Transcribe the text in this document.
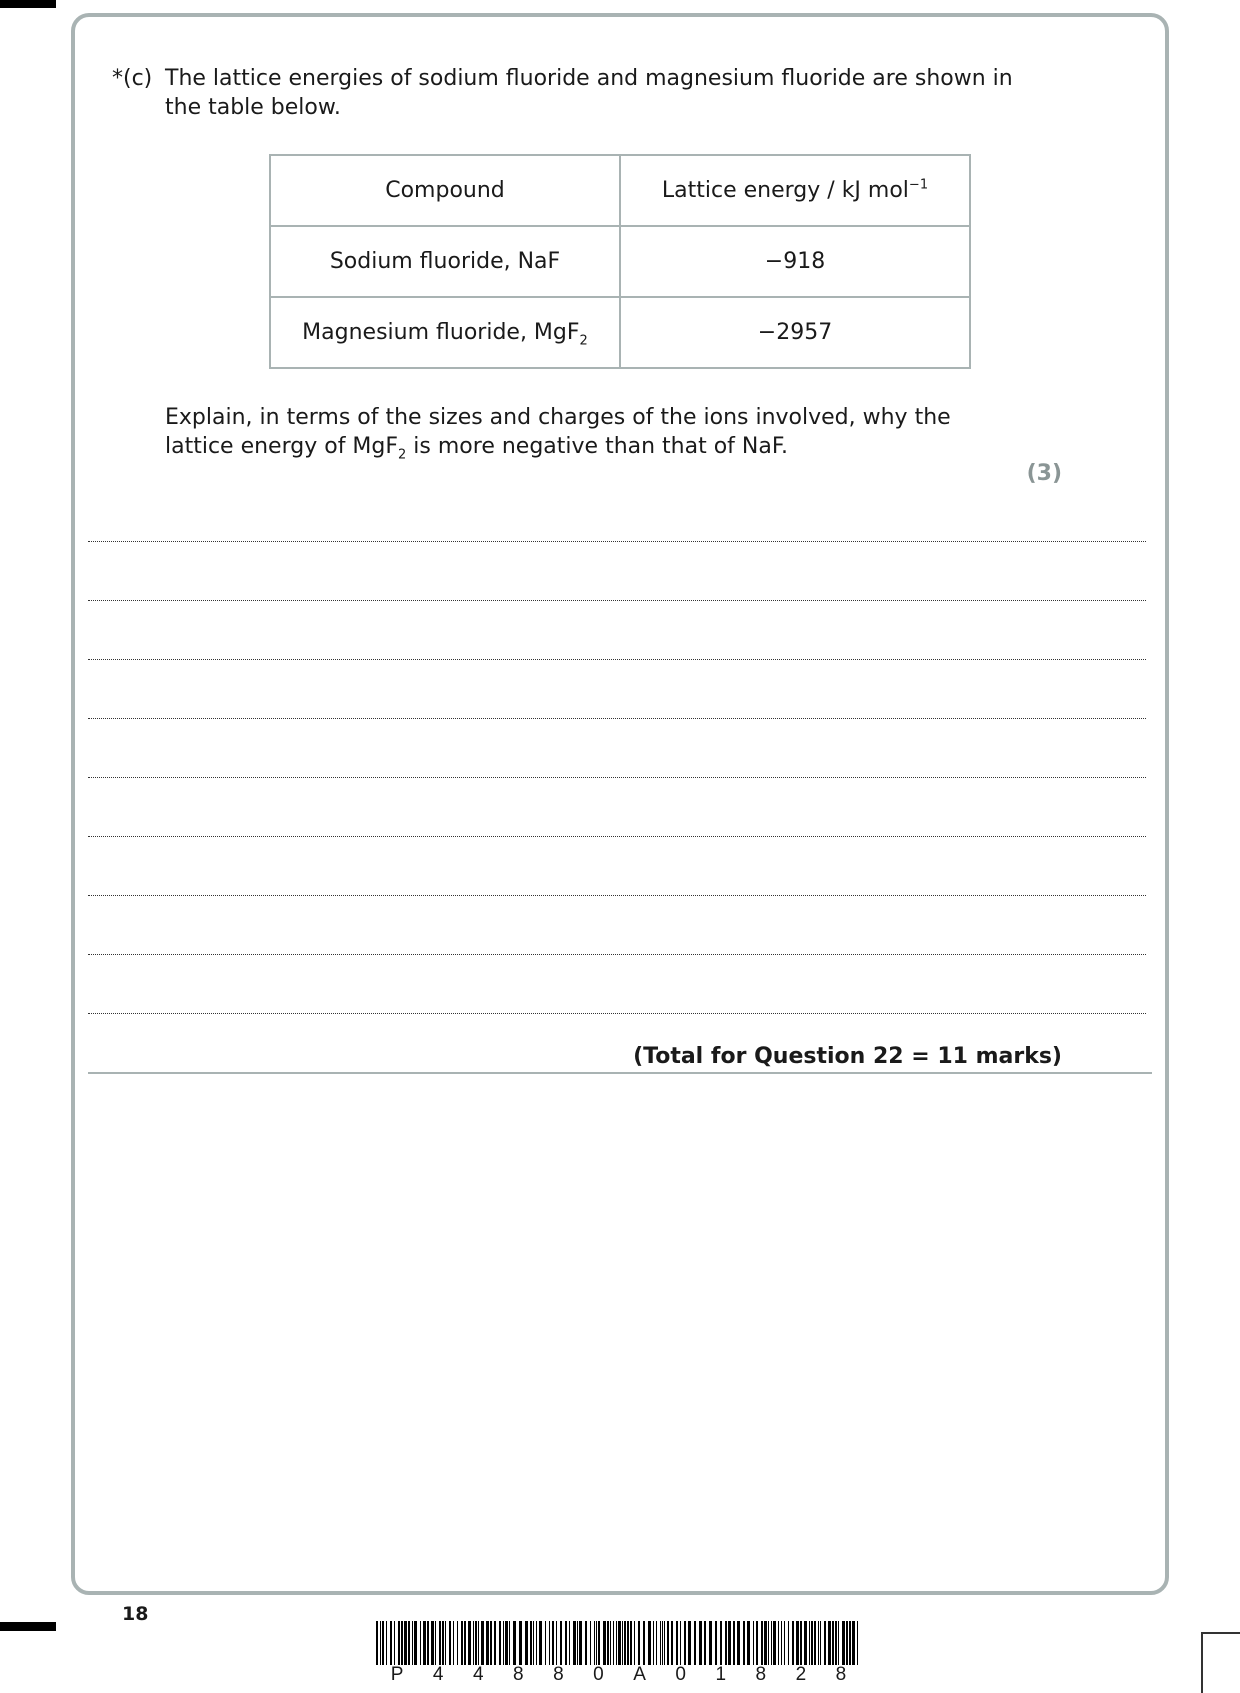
*(c) The lattice energies of sodium fluoride and magnesium fluoride are shown in the table below.
Compound	Lattice energy / kJ mol$^{-1}$
Sodium fluoride, NaF	−918
Magnesium fluoride, MgF$_2$	−2957
Explain, in terms of the sizes and charges of the ions involved, why the
lattice energy of MgF$_2$ is more negative than that of NaF.
(3)
(Total for Question 22 = 11 marks)
18
P 4 4 8 8 0 A 0 1 8 2 8
